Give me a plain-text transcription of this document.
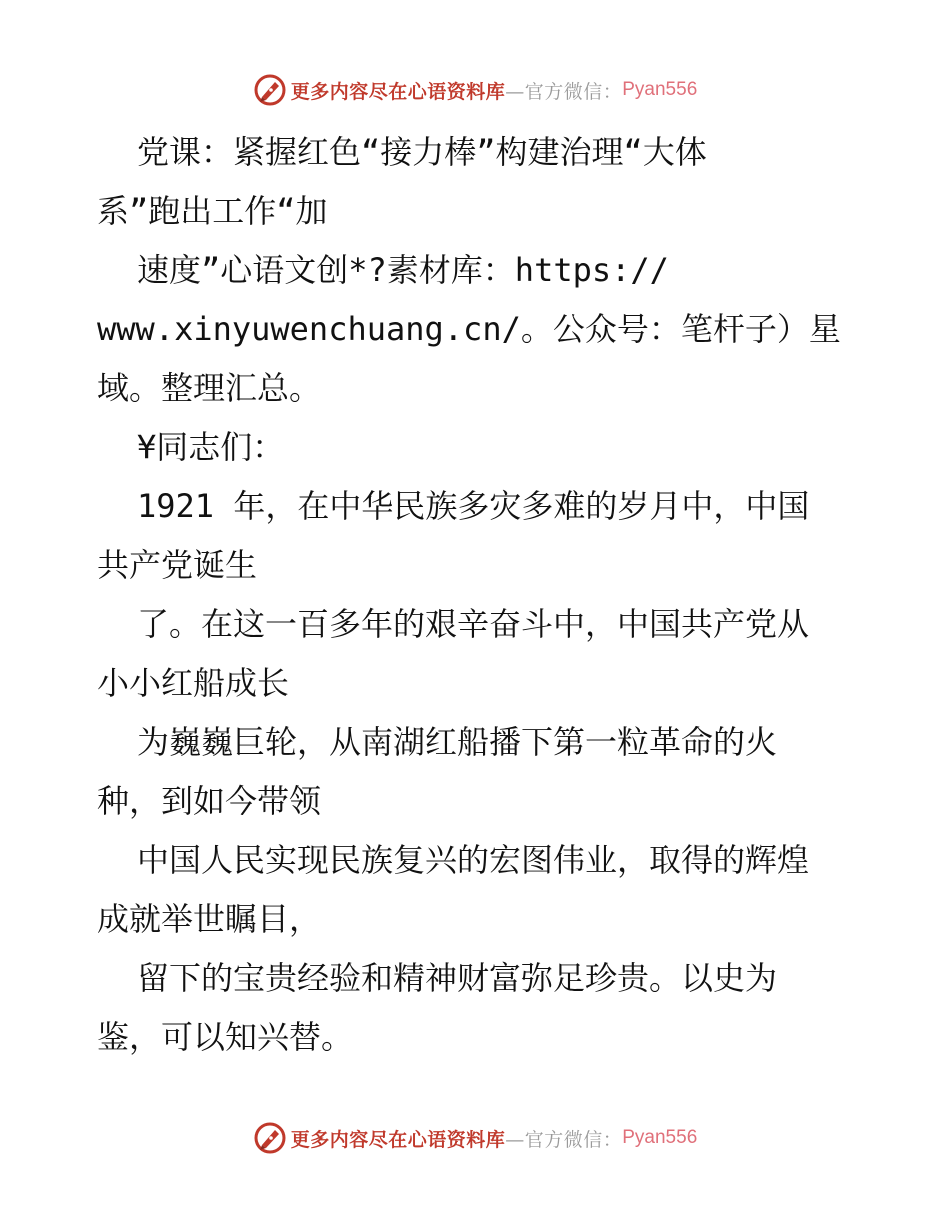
更多内容尽在心语资料库 —官方微信： Pyan556
党课：紧握红色“接力棒”构建治理“大体
系”跑出工作“加
速度”心语文创*?素材库：https://
www.xinyuwenchuang.cn/。公众号：笔杆子）星
域。整理汇总。
¥同志们：
1921 年，在中华民族多灾多难的岁月中，中国
共产党诞生
了。在这一百多年的艰辛奋斗中，中国共产党从
小小红船成长
为巍巍巨轮，从南湖红船播下第一粒革命的火
种，到如今带领
中国人民实现民族复兴的宏图伟业，取得的辉煌
成就举世瞩目，
留下的宝贵经验和精神财富弥足珍贵。以史为
鉴，可以知兴替。
更多内容尽在心语资料库 —官方微信： Pyan556
